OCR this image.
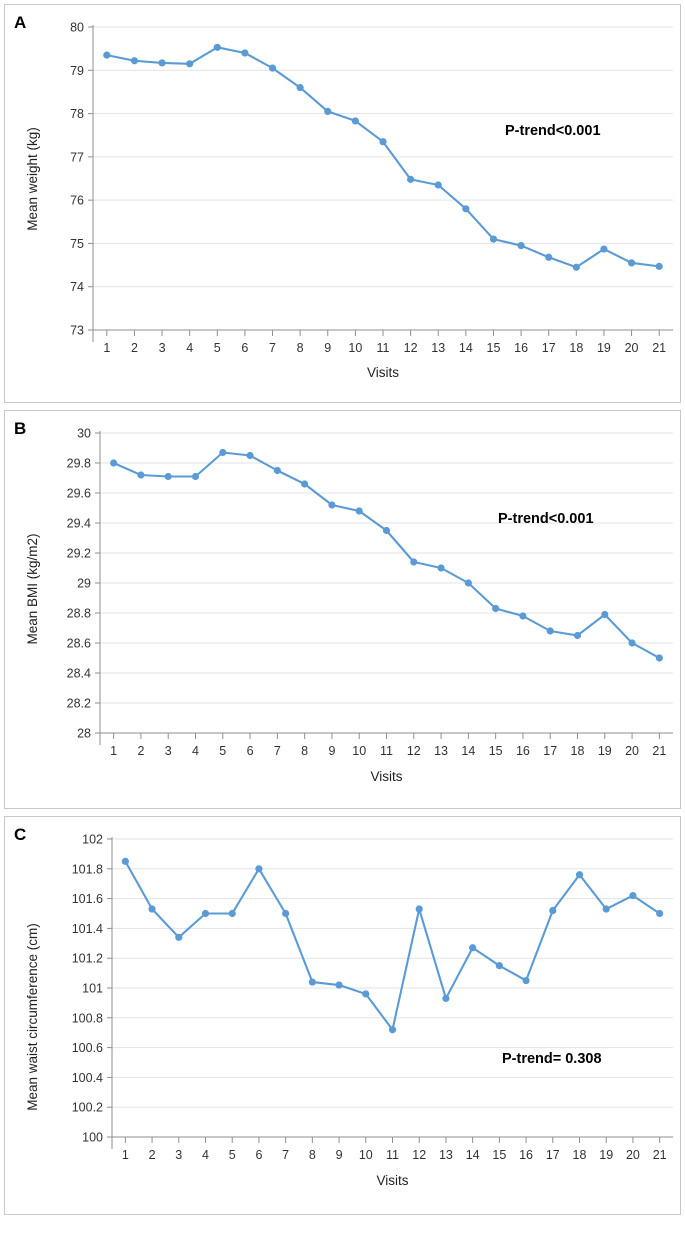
A
73
74
75
76
77
78
79
80
1 2 3 4 5 6 7 8 9 10 11 12 13 14 15 16 17 18 19 20 21
Visits
Mean weight (kg)	P-trend<0.001
B
28
28.2
28.4
28.6
28.8
29
29.2
29.4
29.6
29.8
30
1 2 3 4 5 6 7 8 9 10 11 12 13 14 15 16 17 18 19 20 21
Visits
Mean BMI (kg/m2)
P-trend<0.001
C
100
100.2
100.4
100.6
100.8
101
101.2
101.4
101.6
101.8
102
1 2 3 4 5 6 7 8 9 10 11 12 13 14 15 16 17 18 19 20 21
Visits
Mean waist circumference (cm)	P-trend= 0.308
